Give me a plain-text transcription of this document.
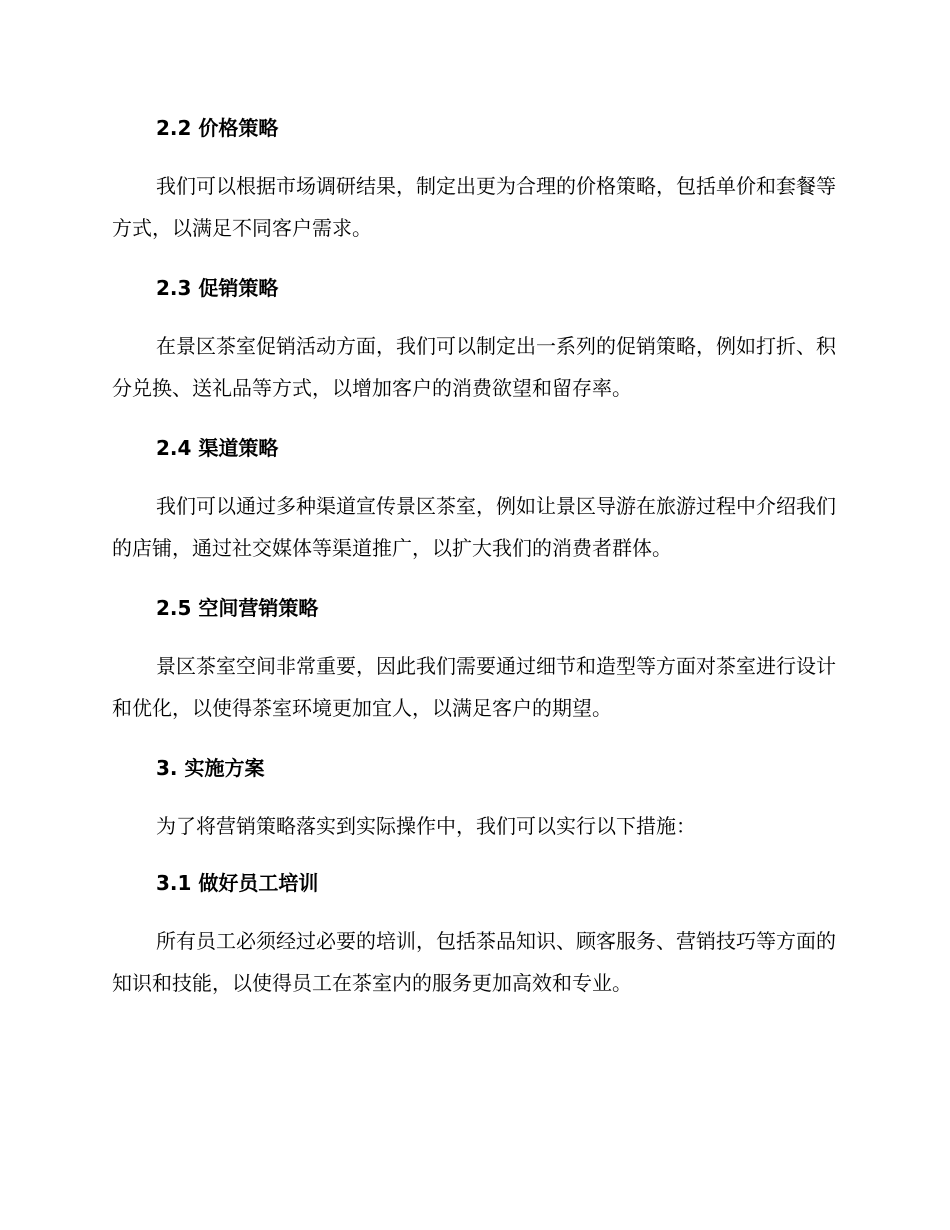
2.2 价格策略
我们可以根据市场调研结果，制定出更为合理的价格策略，包括单价和套餐等方式，以满足不同客户需求。
2.3 促销策略
在景区茶室促销活动方面，我们可以制定出一系列的促销策略，例如打折、积分兑换、送礼品等方式，以增加客户的消费欲望和留存率。
2.4 渠道策略
我们可以通过多种渠道宣传景区茶室，例如让景区导游在旅游过程中介绍我们的店铺，通过社交媒体等渠道推广，以扩大我们的消费者群体。
2.5 空间营销策略
景区茶室空间非常重要，因此我们需要通过细节和造型等方面对茶室进行设计和优化，以使得茶室环境更加宜人，以满足客户的期望。
3. 实施方案
为了将营销策略落实到实际操作中，我们可以实行以下措施：
3.1 做好员工培训
所有员工必须经过必要的培训，包括茶品知识、顾客服务、营销技巧等方面的知识和技能，以使得员工在茶室内的服务更加高效和专业。
